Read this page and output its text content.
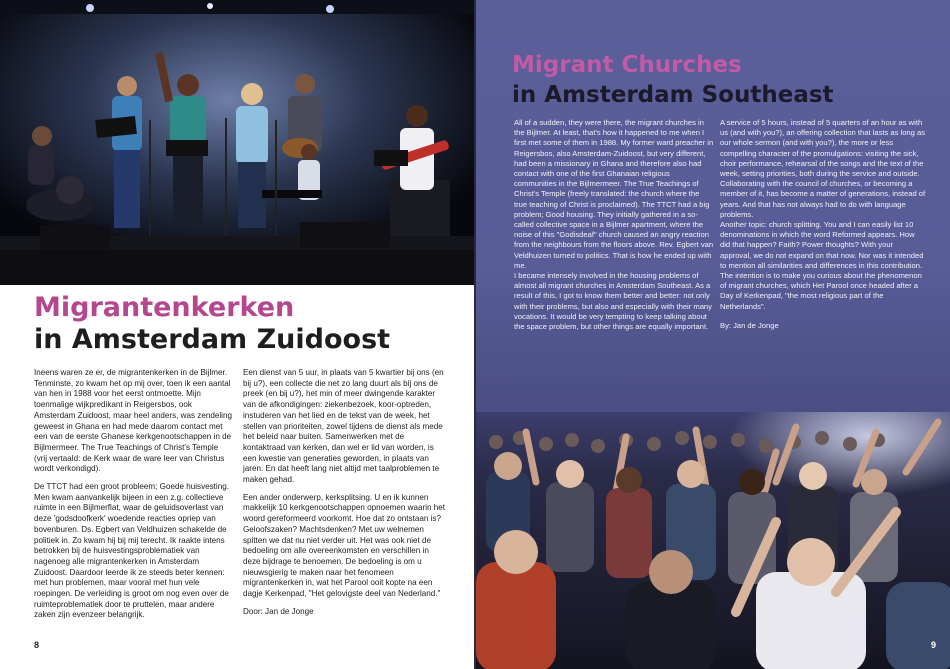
Migrantenkerken
in Amsterdam Zuidoost

Ineens waren ze er, de migrantenkerken in de Bijlmer. Tenminste, zo kwam het op mij over, toen ik een aantal van hen in 1988 voor het eerst ontmoette. Mijn toenmalige wijkpredikant in Reigersbos, ook Amsterdam Zuidoost, maar heel anders, was zendeling geweest in Ghana en had mede daarom contact met een van de eerste Ghanese kerkgenootschappen in de Bijlmermeer. The True Teachings of Christ's Temple (vrij vertaald: de Kerk waar de ware leer van Christus wordt verkondigd).

De TTCT had een groot probleem; Goede huisvesting. Men kwam aanvankelijk bijeen in een z.g. collectieve ruimte in een Bijlmerflat, waar de geluidsoverlast van deze 'godsdoofkerk' woedende reacties opriep van bovenburen. Ds. Egbert van Veldhuizen schakelde de politiek in. Zo kwam hij bij mij terecht. Ik raakte intens betrokken bij de huisvestingsproblematiek van nagenoeg alle migrantenkerken in Amsterdam Zuidoost. Daardoor leerde ik ze steeds beter kennen: met hun problemen, maar vooral met hun vele roepingen. De verleiding is groot om nog even over de ruimteproblematiek door te pruttelen, maar andere zaken zijn evenzeer belangrijk.

Een dienst van 5 uur, in plaats van 5 kwartier bij ons (en bij u?), een collecte die net zo lang duurt als bij ons de preek (en bij u?), het min of meer dwingende karakter van de afkondigingen: ziekenbezoek, koor-optreden, instuderen van het lied en de tekst van de week, het stellen van prioriteiten, zowel tijdens de dienst als mede het beleid naar buiten. Samenwerken met de kontaktraad van kerken, dan wel er lid van worden, is een kwestie van generaties geworden, in plaats van jaren. En dat heeft lang niet altijd met taalproblemen te maken gehad.

Een ander onderwerp, kerksplitsing. U en ik kunnen makkelijk 10 kerkgenootschappen opnoemen waarin het woord gereformeerd voorkomt. Hoe dat zo ontstaan is? Geloofszaken? Machtsdenken? Met uw welnemen spitten we dat nu niet verder uit. Het was ook niet de bedoeling om alle overeenkomsten en verschillen in deze bijdrage te benoemen. De bedoeling is om u nieuwsgierig te maken naar het fenomeen migrantenkerken in, wat het Parool ooit kopte na een dagje Kerkenpad, "Het gelovigste deel van Nederland."

Door: Jan de Jonge

8
Migrant Churches
in Amsterdam Southeast

All of a sudden, they were there, the migrant churches in the Bijlmer. At least, that's how it happened to me when I first met some of them in 1988. My former ward preacher in Reigersbos, also Amsterdam-Zuidoost, but very different, had been a missionary in Ghana and therefore also had contact with one of the first Ghanaian religious communities in the Bijlmermeer. The True Teachings of Christ's Temple (freely translated: the church where the true teaching of Christ is proclaimed). The TTCT had a big problem; Good housing. They initially gathered in a so-called collective space in a Bijlmer apartment, where the noise of this "Godisdeaf" church caused an angry reaction from the neighbours from the floors above. Rev. Egbert van Veldhuizen turned to politics. That is how he ended up with me.

I became intensely involved in the housing problems of almost all migrant churches in Amsterdam Southeast. As a result of this, I got to know them better and better: not only with their problems, but also and especially with their many vocations. It would be very tempting to keep talking about the space problem, but other things are equally important.

A service of 5 hours, instead of 5 quarters of an hour as with us (and with you?), an offering collection that lasts as long as our whole sermon (and with you?), the more or less compelling character of the promulgations: visiting the sick, choir performance, rehearsal of the songs and the text of the week, setting priorities, both during the service and outside. Collaborating with the council of churches, or becoming a member of it, has become a matter of generations, instead of years. And that has not always had to do with language problems.

Another topic: church splitting. You and I can easily list 10 denominations in which the word Reformed appears. How did that happen? Faith? Power thoughts? With your approval, we do not expand on that now. Nor was it intended to mention all similarities and differences in this contribution. The intention is to make you curious about the phenomenon of migrant churches, which Het Parool once headed after a Day of Kerkenpad, "the most religious part of the Netherlands".

By: Jan de Jonge

9
